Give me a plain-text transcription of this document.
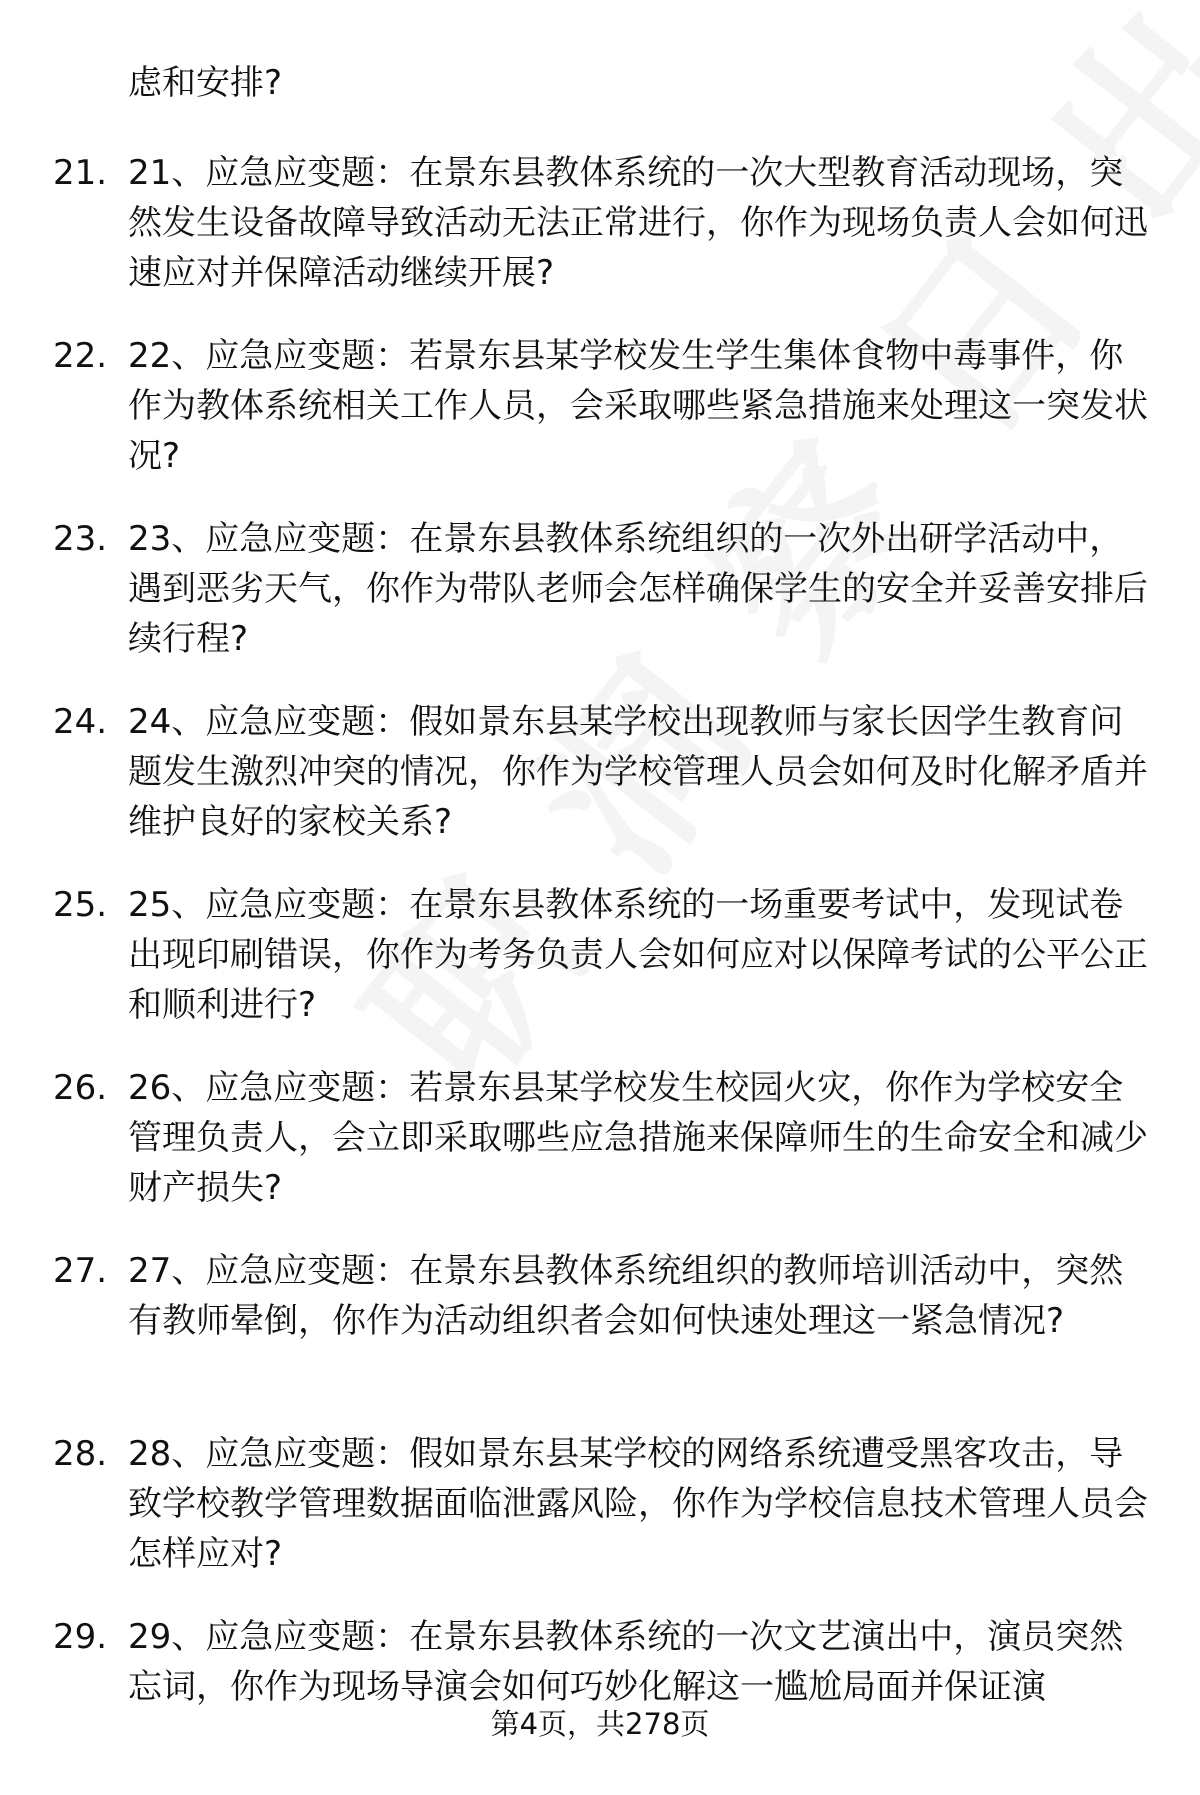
虑和安排?
21. 21、应急应变题：在景东县教体系统的一次大型教育活动现场，突然发生设备故障导致活动无法正常进行，你作为现场负责人会如何迅速应对并保障活动继续开展?
22. 22、应急应变题：若景东县某学校发生学生集体食物中毒事件，你作为教体系统相关工作人员，会采取哪些紧急措施来处理这一突发状况?
23. 23、应急应变题：在景东县教体系统组织的一次外出研学活动中，遇到恶劣天气，你作为带队老师会怎样确保学生的安全并妥善安排后续行程?
24. 24、应急应变题：假如景东县某学校出现教师与家长因学生教育问题发生激烈冲突的情况，你作为学校管理人员会如何及时化解矛盾并维护良好的家校关系?
25. 25、应急应变题：在景东县教体系统的一场重要考试中，发现试卷出现印刷错误，你作为考务负责人会如何应对以保障考试的公平公正和顺利进行?
26. 26、应急应变题：若景东县某学校发生校园火灾，你作为学校安全管理负责人，会立即采取哪些应急措施来保障师生的生命安全和减少财产损失?
27. 27、应急应变题：在景东县教体系统组织的教师培训活动中，突然有教师晕倒，你作为活动组织者会如何快速处理这一紧急情况?
28. 28、应急应变题：假如景东县某学校的网络系统遭受黑客攻击，导致学校教学管理数据面临泄露风险，你作为学校信息技术管理人员会怎样应对?
29. 29、应急应变题：在景东县教体系统的一次文艺演出中，演员突然忘词，你作为现场导演会如何巧妙化解这一尴尬局面并保证演
第4页，共278页
